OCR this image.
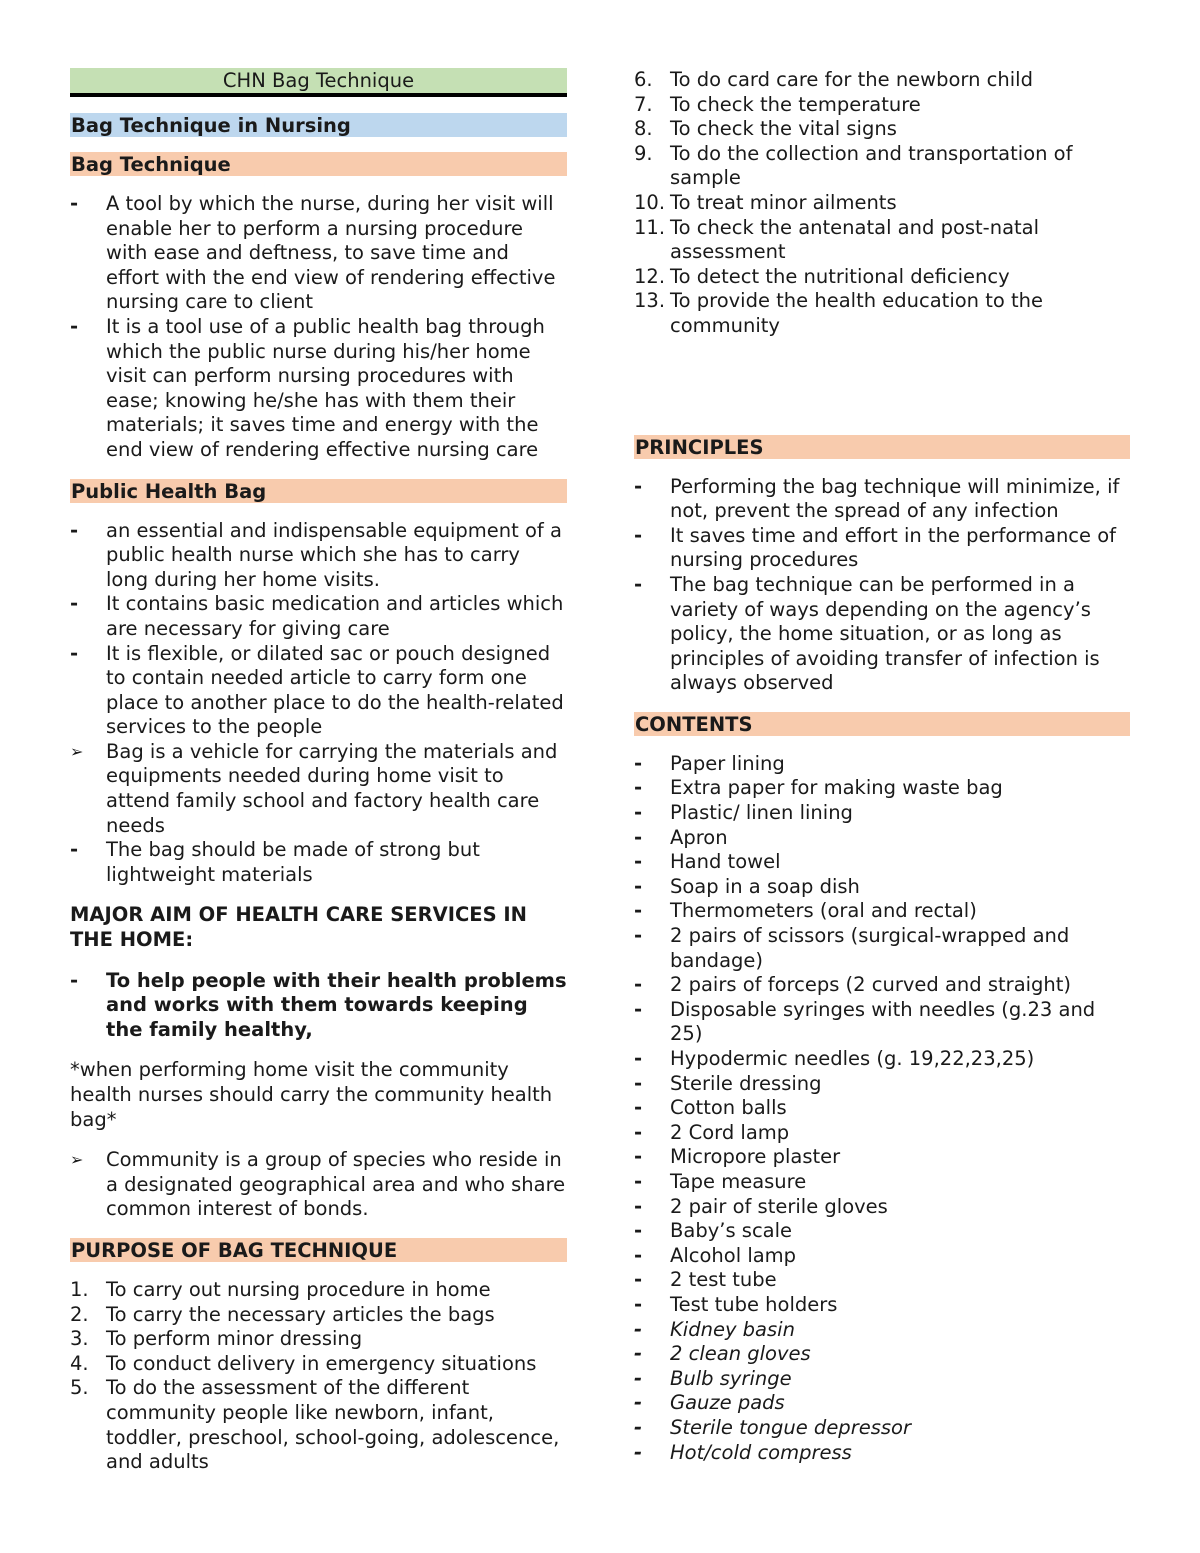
CHN Bag Technique
Bag Technique in Nursing
Bag Technique
-	A tool by which the nurse, during her visit will enable her to perform a nursing procedure with ease and deftness, to save time and effort with the end view of rendering effective nursing care to client
-	It is a tool use of a public health bag through which the public nurse during his/her home visit can perform nursing procedures with ease; knowing he/she has with them their materials; it saves time and energy with the end view of rendering effective nursing care
Public Health Bag
-	an essential and indispensable equipment of a public health nurse which she has to carry long during her home visits.
-	It contains basic medication and articles which are necessary for giving care
-	It is flexible, or dilated sac or pouch designed to contain needed article to carry form one place to another place to do the health-related services to the people
➢	Bag is a vehicle for carrying the materials and equipments needed during home visit to attend family school and factory health care needs
-	The bag should be made of strong but lightweight materials

MAJOR AIM OF HEALTH CARE SERVICES IN THE HOME:

-	To help people with their health problems and works with them towards keeping the family healthy,

*when performing home visit the community health nurses should carry the community health bag*

➢	Community is a group of species who reside in a designated geographical area and who share common interest of bonds.
PURPOSE OF BAG TECHNIQUE
1. To carry out nursing procedure in home
2. To carry the necessary articles the bags
3. To perform minor dressing
4. To conduct delivery in emergency situations
5. To do the assessment of the different community people like newborn, infant, toddler, preschool, school-going, adolescence, and adults
6. To do card care for the newborn child
7. To check the temperature
8. To check the vital signs
9. To do the collection and transportation of sample
10. To treat minor ailments
11. To check the antenatal and post-natal assessment
12. To detect the nutritional deficiency
13. To provide the health education to the community
PRINCIPLES
-	Performing the bag technique will minimize, if not, prevent the spread of any infection
-	It saves time and effort in the performance of nursing procedures
-	The bag technique can be performed in a variety of ways depending on the agency’s policy, the home situation, or as long as principles of avoiding transfer of infection is always observed
CONTENTS
-	Paper lining
-	Extra paper for making waste bag
-	Plastic/ linen lining
-	Apron
-	Hand towel
-	Soap in a soap dish
-	Thermometers (oral and rectal)
-	2 pairs of scissors (surgical-wrapped and bandage)
-	2 pairs of forceps (2 curved and straight)
-	Disposable syringes with needles (g.23 and 25)
-	Hypodermic needles (g. 19,22,23,25)
-	Sterile dressing
-	Cotton balls
-	2 Cord lamp
-	Micropore plaster
-	Tape measure
-	2 pair of sterile gloves
-	Baby’s scale
-	Alcohol lamp
-	2 test tube
-	Test tube holders
-	Kidney basin
-	2 clean gloves
-	Bulb syringe
-	Gauze pads
-	Sterile tongue depressor
-	Hot/cold compress
